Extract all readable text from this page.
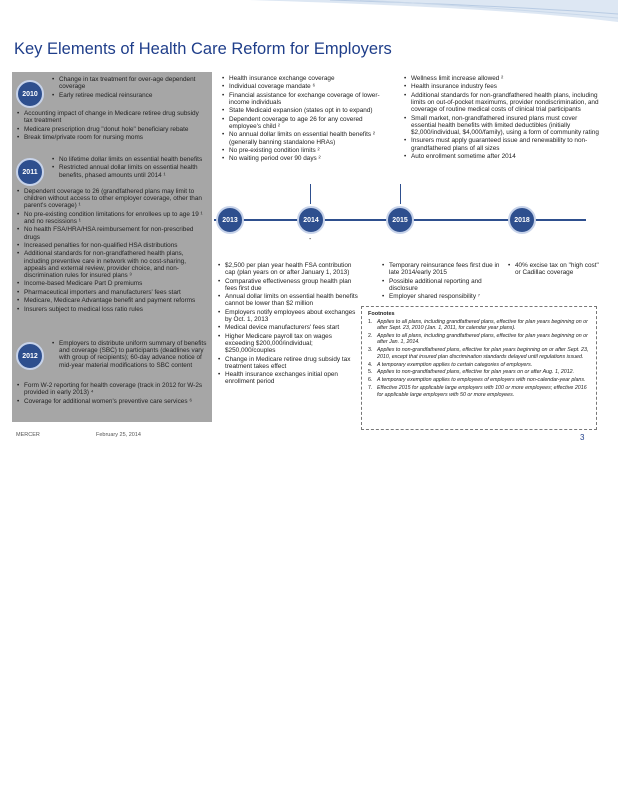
Key Elements of Health Care Reform for Employers
2010
• Change in tax treatment for over-age dependent coverage
• Early retiree medical reinsurance
• Accounting impact of change in Medicare retiree drug subsidy tax treatment
• Medicare prescription drug "donut hole" beneficiary rebate
• Break time/private room for nursing moms
2011
• No lifetime dollar limits on essential health benefits
• Restricted annual dollar limits on essential health benefits, phased amounts until 2014 ¹
• Dependent coverage to 26 (grandfathered plans may limit to children without access to other employer coverage, other than parent's coverage) ¹
• No pre-existing condition limitations for enrollees up to age 19 ¹ and no rescissions ¹
• No health FSA/HRA/HSA reimbursement for non-prescribed drugs
• Increased penalties for non-qualified HSA distributions
• Additional standards for non-grandfathered health plans, including preventive care in network with no cost-sharing, appeals and external review, provider choice, and non-discrimination rules for insured plans ³
• Income-based Medicare Part D premiums
• Pharmaceutical importers and manufacturers' fees start
• Medicare, Medicare Advantage benefit and payment reforms
• Insurers subject to medical loss ratio rules
2012
• Employers to distribute uniform summary of benefits and coverage (SBC) to participants (deadlines vary with group of recipients); 60-day advance notice of mid-year material modifications to SBC content
• Form W-2 reporting for health coverage (track in 2012 for W-2s provided in early 2013) ⁴
• Coverage for additional women's preventive care services ⁶
• Health insurance exchange coverage
• Individual coverage mandate ⁶
• Financial assistance for exchange coverage of lower-income individuals
• State Medicaid expansion (states opt in to expand)
• Dependent coverage to age 26 for any covered employee's child ²
• No annual dollar limits on essential health benefits ² (generally banning standalone HRAs)
• No pre-existing condition limits ²
• No waiting period over 90 days ²
• Wellness limit increase allowed ²
• Health insurance industry fees
• Additional standards for non-grandfathered health plans, including limits on out-of-pocket maximums, provider nondiscrimination, and coverage of routine medical costs of clinical trial participants
• Small market, non-grandfathered insured plans must cover essential health benefits with limited deductibles (initially $2,000/individual, $4,000/family), using a form of community rating
• Insurers must apply guaranteed issue and renewability to non-grandfathered plans of all sizes
• Auto enrollment sometime after 2014
2013	2014
-
2015	2018
• $2,500 per plan year health FSA contribution cap (plan years on or after January 1, 2013)
• Comparative effectiveness group health plan fees first due
• Annual dollar limits on essential health benefits cannot be lower than $2 million
• Employers notify employees about exchanges by Oct. 1, 2013
• Medical device manufacturers' fees start
• Higher Medicare payroll tax on wages exceeding $200,000/individual; $250,000/couples
• Change in Medicare retiree drug subsidy tax treatment takes effect
• Health insurance exchanges initial open enrollment period
• Temporary reinsurance fees first due in late 2014/early 2015
• Possible additional reporting and disclosure
• Employer shared responsibility ⁷
• 40% excise tax on "high cost" or Cadillac coverage
Footnotes
1. Applies to all plans, including grandfathered plans, effective for plan years beginning on or after Sept. 23, 2010 (Jan. 1, 2011, for calendar year plans).
2. Applies to all plans, including grandfathered plans, effective for plan years beginning on or after Jan. 1, 2014.
3. Applies to non-grandfathered plans, effective for plan years beginning on or after Sept. 23, 2010, except that insured plan discrimination standards delayed until regulations issued.
4. A temporary exemption applies to certain categories of employers.
5. Applies to non-grandfathered plans, effective for plan years on or after Aug. 1, 2012.
6. A temporary exemption applies to employees of employers with non-calendar-year plans.
7. Effective 2015 for applicable large employers with 100 or more employees; effective 2016 for applicable large employers with 50 or more employees.
MERCER	February 25, 2014	3
